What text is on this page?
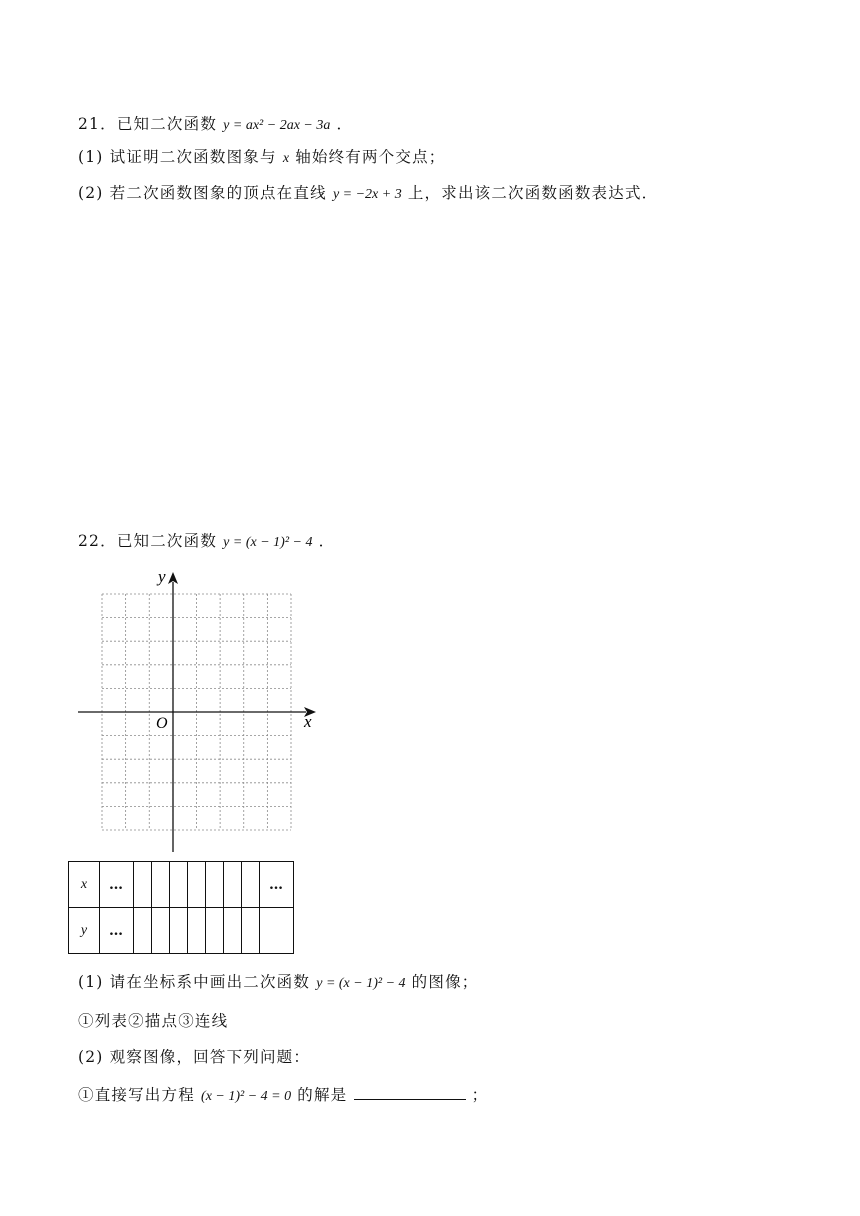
21．已知二次函数 y = ax² − 2ax − 3a ．
(1) 试证明二次函数图象与 x 轴始终有两个交点；
(2) 若二次函数图象的顶点在直线 y = −2x + 3 上，求出该二次函数函数表达式．
22．已知二次函数 y = (x − 1)² − 4 ．
x
y
O
x	…								…
y	…								
(1) 请在坐标系中画出二次函数 y = (x − 1)² − 4 的图像；
①列表②描点③连线
(2) 观察图像，回答下列问题：
①直接写出方程 (x − 1)² − 4 = 0 的解是	；
